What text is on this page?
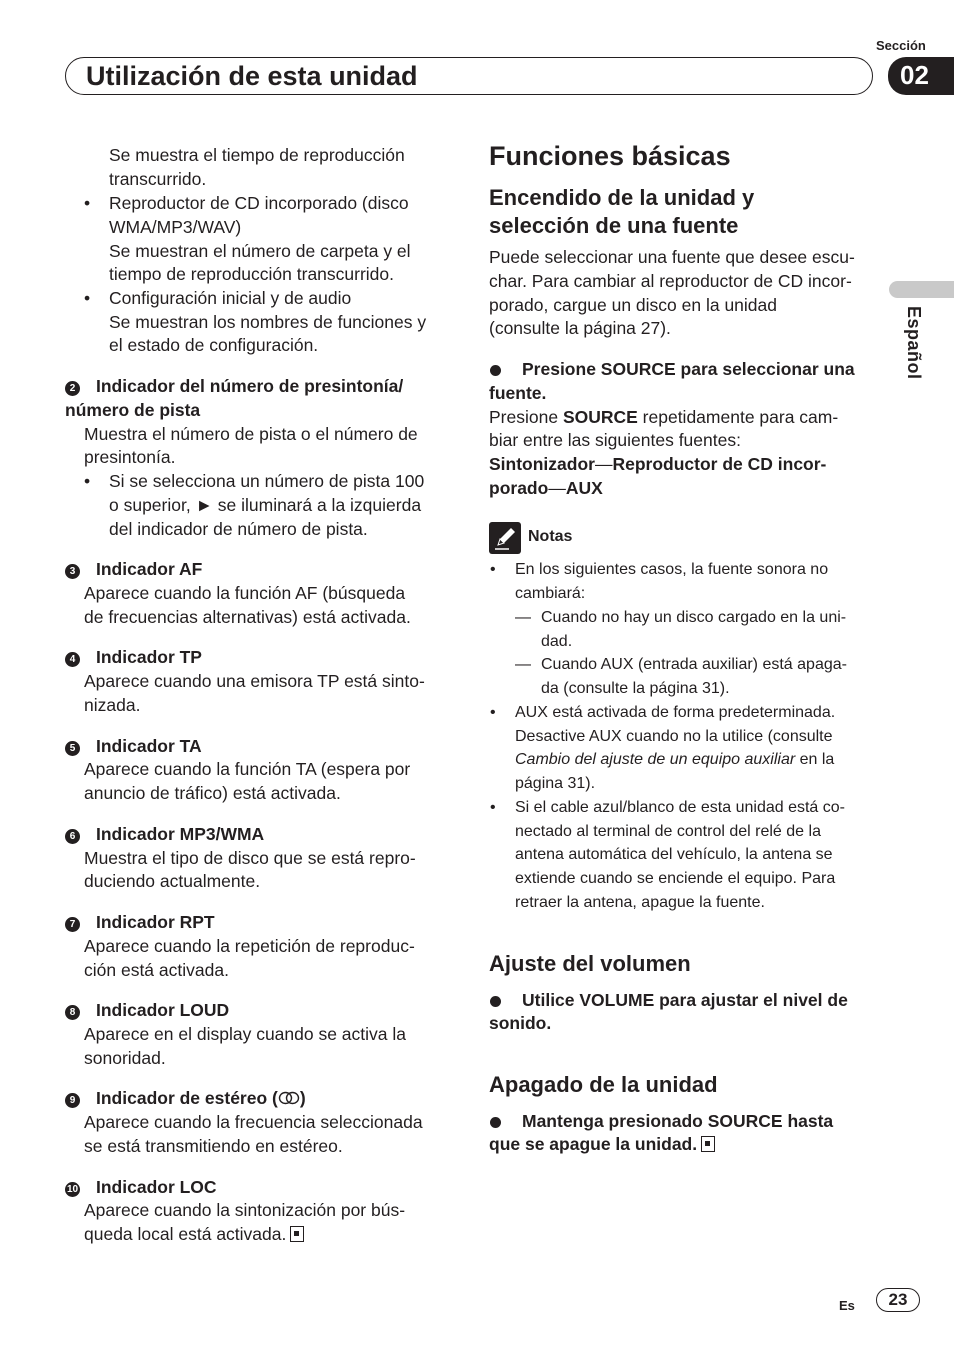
Sección
Utilización de esta unidad	02
Español
Se muestra el tiempo de reproducción
transcurrido.
• Reproductor de CD incorporado (disco
WMA/MP3/WAV)
Se muestran el número de carpeta y el
tiempo de reproducción transcurrido.
• Configuración inicial y de audio
Se muestran los nombres de funciones y
el estado de configuración.
2 Indicador del número de presintonía/
número de pista
Muestra el número de pista o el número de
presintonía.
• Si se selecciona un número de pista 100
o superior, ► se iluminará a la izquierda
del indicador de número de pista.
3 Indicador AF
Aparece cuando la función AF (búsqueda
de frecuencias alternativas) está activada.
4 Indicador TP
Aparece cuando una emisora TP está sinto-
nizada.
5 Indicador TA
Aparece cuando la función TA (espera por
anuncio de tráfico) está activada.
6 Indicador MP3/WMA
Muestra el tipo de disco que se está repro-
duciendo actualmente.
7 Indicador RPT
Aparece cuando la repetición de reproduc-
ción está activada.
8 Indicador LOUD
Aparece en el display cuando se activa la
sonoridad.
9 Indicador de estéreo ( )
Aparece cuando la frecuencia seleccionada
se está transmitiendo en estéreo.
10 Indicador LOC
Aparece cuando la sintonización por bús-
queda local está activada.
Funciones básicas
Encendido de la unidad y
selección de una fuente
Puede seleccionar una fuente que desee escu-
char. Para cambiar al reproductor de CD incor-
porado, cargue un disco en la unidad
(consulte la página 27).
Presione SOURCE para seleccionar una
fuente.
Presione SOURCE repetidamente para cam-
biar entre las siguientes fuentes:
Sintonizador—Reproductor de CD incor-
porado—AUX
Notas
• En los siguientes casos, la fuente sonora no
cambiará:
— Cuando no hay un disco cargado en la uni-
dad.
— Cuando AUX (entrada auxiliar) está apaga-
da (consulte la página 31).
• AUX está activada de forma predeterminada.
Desactive AUX cuando no la utilice (consulte
Cambio del ajuste de un equipo auxiliar en la
página 31).
• Si el cable azul/blanco de esta unidad está co-
nectado al terminal de control del relé de la
antena automática del vehículo, la antena se
extiende cuando se enciende el equipo. Para
retraer la antena, apague la fuente.
Ajuste del volumen
Utilice VOLUME para ajustar el nivel de
sonido.
Apagado de la unidad
Mantenga presionado SOURCE hasta
que se apague la unidad.
Es	23
